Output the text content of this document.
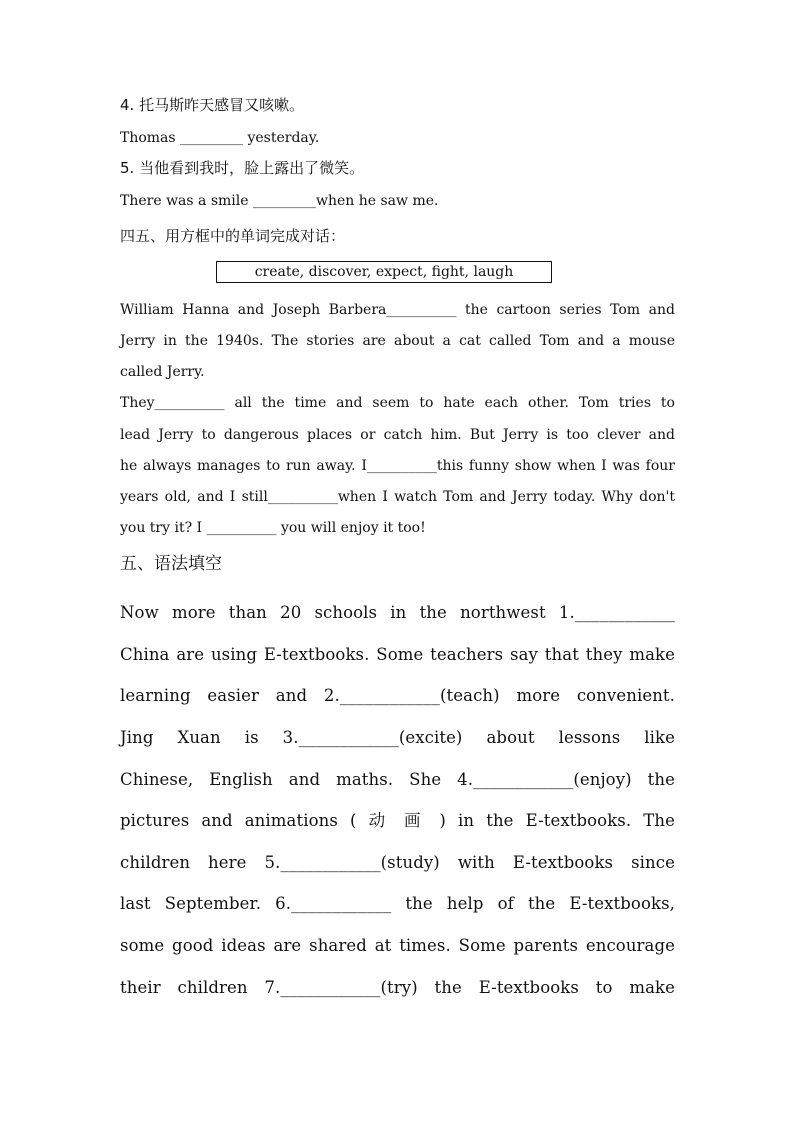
4. 托马斯昨天感冒又咳嗽。
Thomas _________ yesterday.
5. 当他看到我时，脸上露出了微笑。
There was a smile _________when he saw me.
四五、用方框中的单词完成对话：
create, discover, expect, fight, laugh
William Hanna and Joseph Barbera__________ the cartoon series Tom and
Jerry in the 1940s. The stories are about a cat called Tom and a mouse
called Jerry.
They__________ all the time and seem to hate each other. Tom tries to
lead Jerry to dangerous places or catch him. But Jerry is too clever and
he always manages to run away. I__________this funny show when I was four
years old, and I still__________when I watch Tom and Jerry today. Why don't
you try it? I __________ you will enjoy it too!
五、语法填空
Now more than 20 schools in the northwest 1.____________
China are using E-textbooks. Some teachers say that they make
learning easier and 2.____________(teach) more convenient.
Jing Xuan is 3.____________(excite) about lessons like
Chinese, English and maths. She 4.____________(enjoy) the
pictures and animations ( 动 画 ) in the E-textbooks. The
children here 5.____________(study) with E-textbooks since
last September. 6.____________ the help of the E-textbooks,
some good ideas are shared at times. Some parents encourage
their children 7.____________(try) the E-textbooks to make
